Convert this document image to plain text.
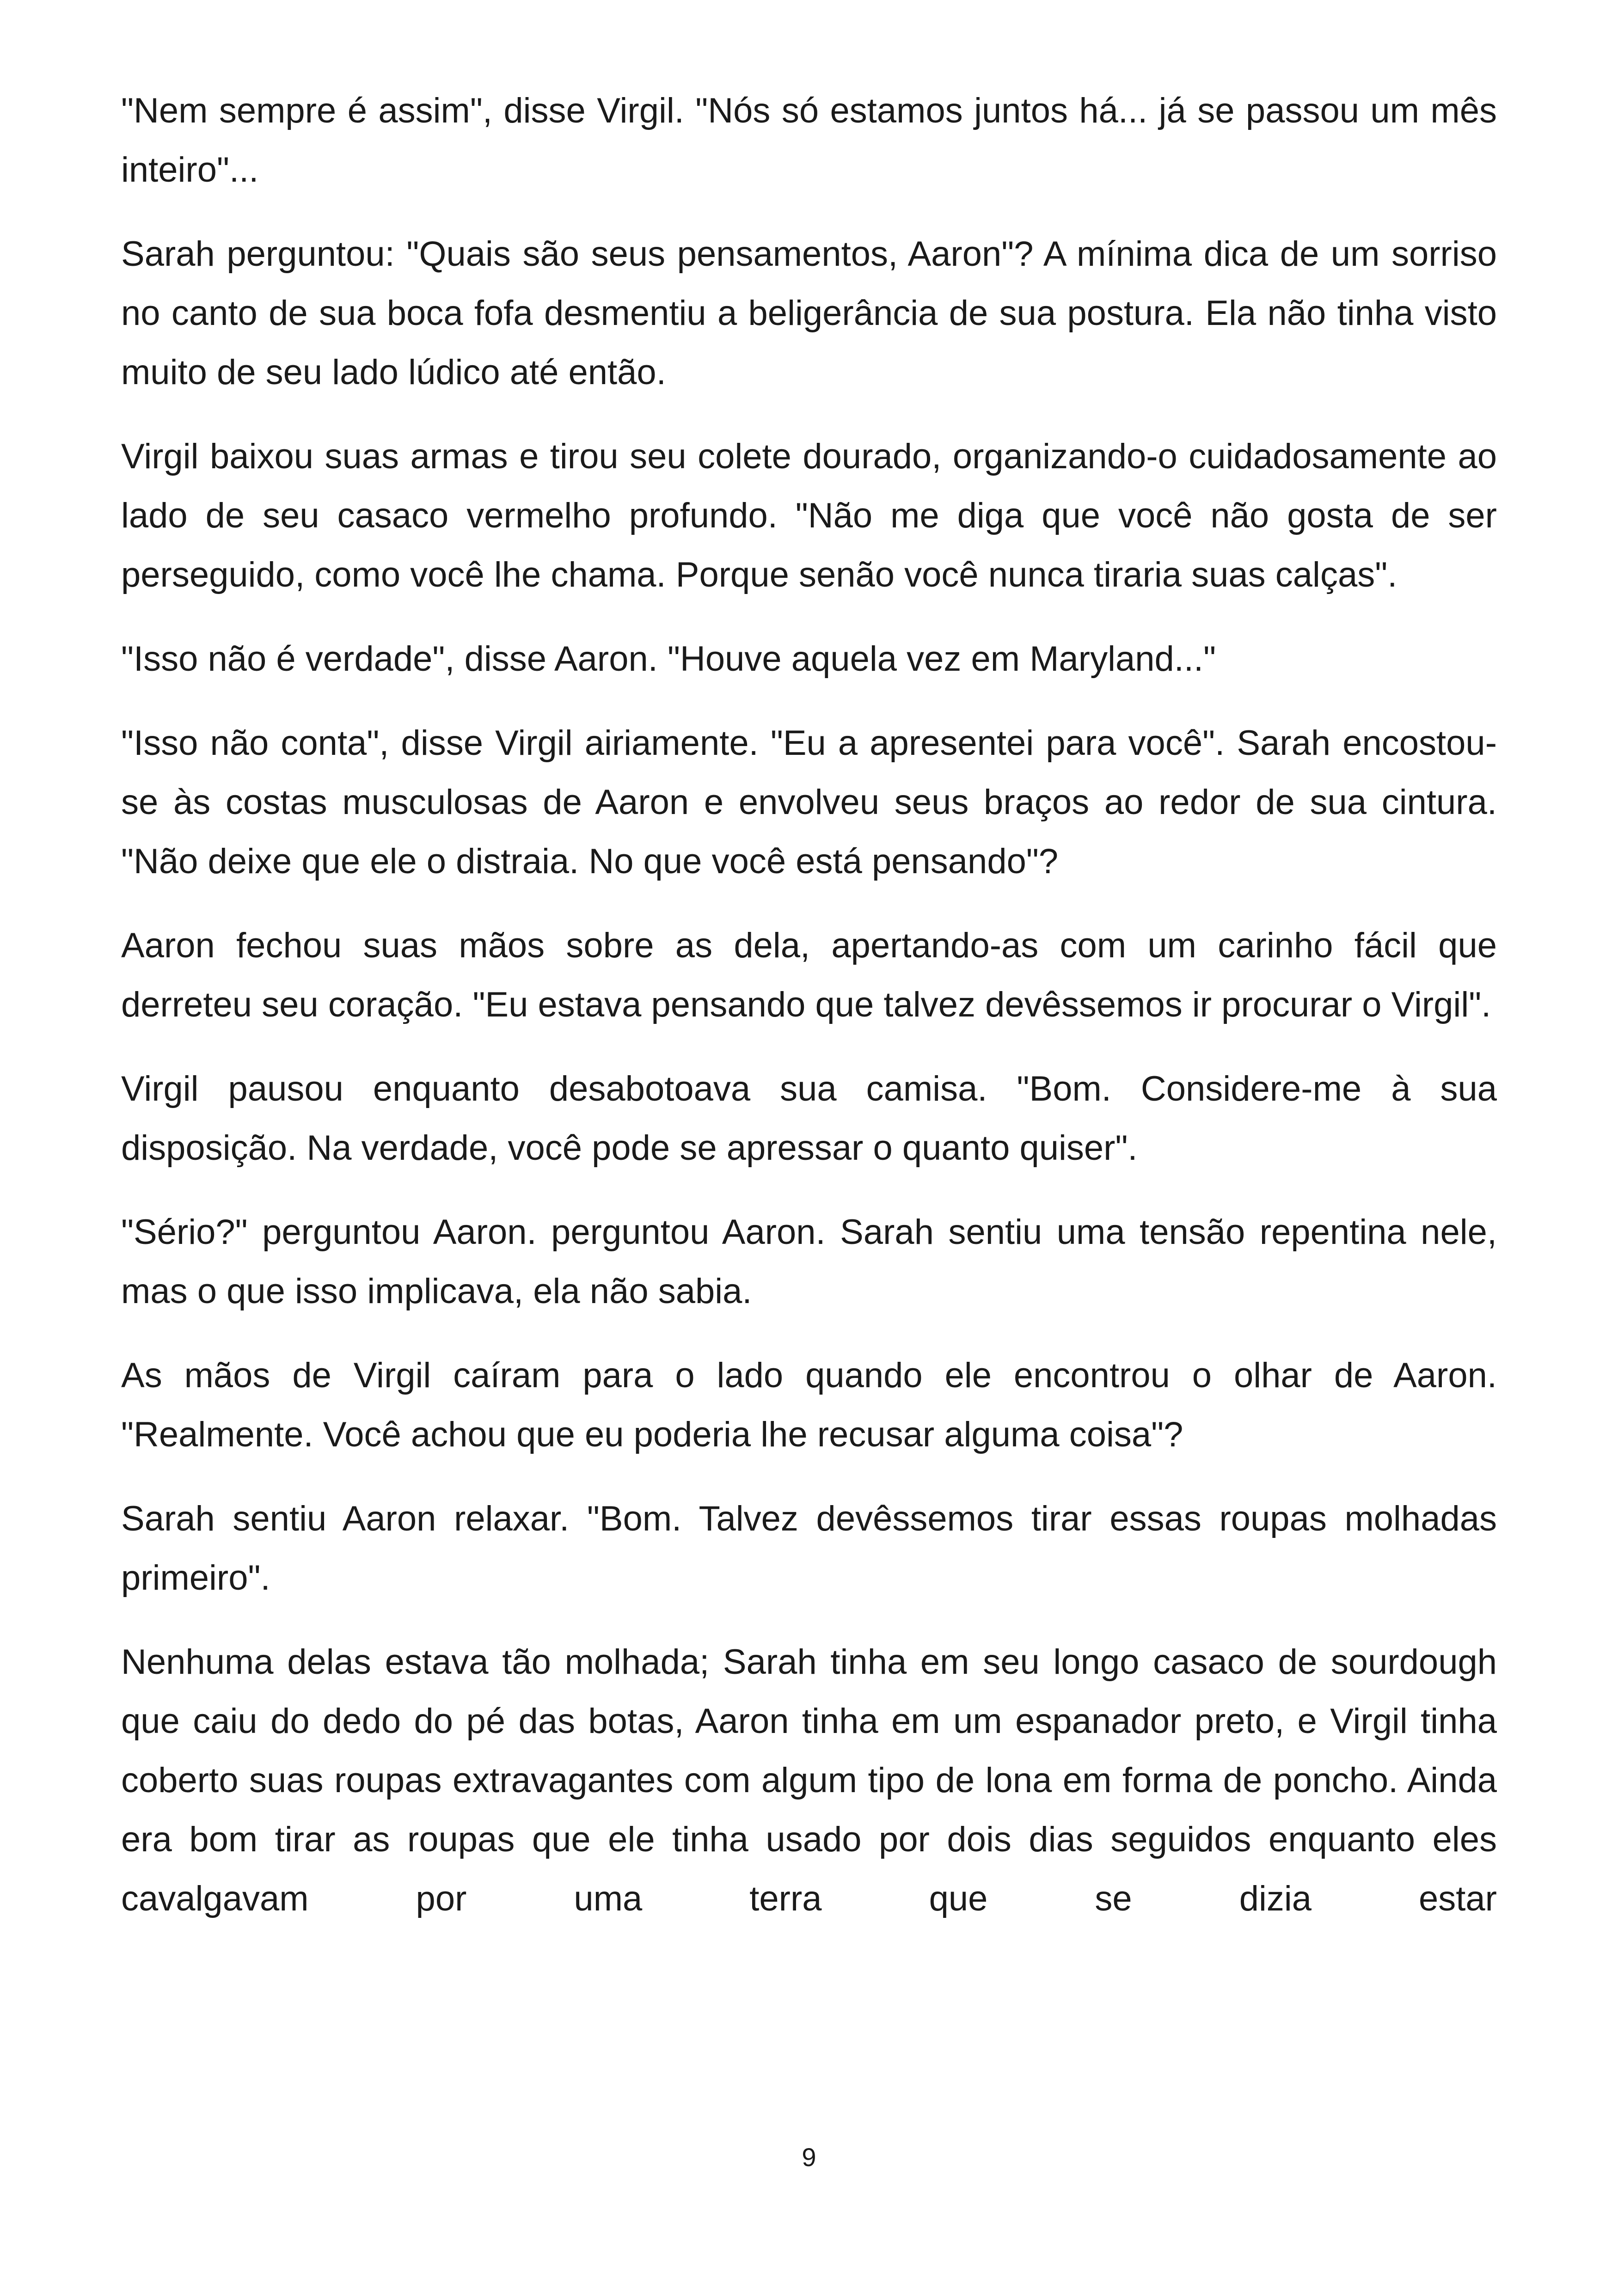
"Nem sempre é assim", disse Virgil. "Nós só estamos juntos há... já se passou um mês inteiro"...

Sarah perguntou: "Quais são seus pensamentos, Aaron"? A mínima dica de um sorriso no canto de sua boca fofa desmentiu a beligerância de sua postura. Ela não tinha visto muito de seu lado lúdico até então.

Virgil baixou suas armas e tirou seu colete dourado, organizando-o cuidadosamente ao lado de seu casaco vermelho profundo. "Não me diga que você não gosta de ser perseguido, como você lhe chama. Porque senão você nunca tiraria suas calças".

"Isso não é verdade", disse Aaron. "Houve aquela vez em Maryland..."

"Isso não conta", disse Virgil airiamente. "Eu a apresentei para você". Sarah encostou-se às costas musculosas de Aaron e envolveu seus braços ao redor de sua cintura. "Não deixe que ele o distraia. No que você está pensando"?

Aaron fechou suas mãos sobre as dela, apertando-as com um carinho fácil que derreteu seu coração. "Eu estava pensando que talvez devêssemos ir procurar o Virgil".

Virgil pausou enquanto desabotoava sua camisa. "Bom. Considere-me à sua disposição. Na verdade, você pode se apressar o quanto quiser".

"Sério?" perguntou Aaron. perguntou Aaron. Sarah sentiu uma tensão repentina nele, mas o que isso implicava, ela não sabia.

As mãos de Virgil caíram para o lado quando ele encontrou o olhar de Aaron. "Realmente. Você achou que eu poderia lhe recusar alguma coisa"?

Sarah sentiu Aaron relaxar. "Bom. Talvez devêssemos tirar essas roupas molhadas primeiro".

Nenhuma delas estava tão molhada; Sarah tinha em seu longo casaco de sourdough que caiu do dedo do pé das botas, Aaron tinha em um espanador preto, e Virgil tinha coberto suas roupas extravagantes com algum tipo de lona em forma de poncho. Ainda era bom tirar as roupas que ele tinha usado por dois dias seguidos enquanto eles cavalgavam por uma terra que se dizia estar

9
